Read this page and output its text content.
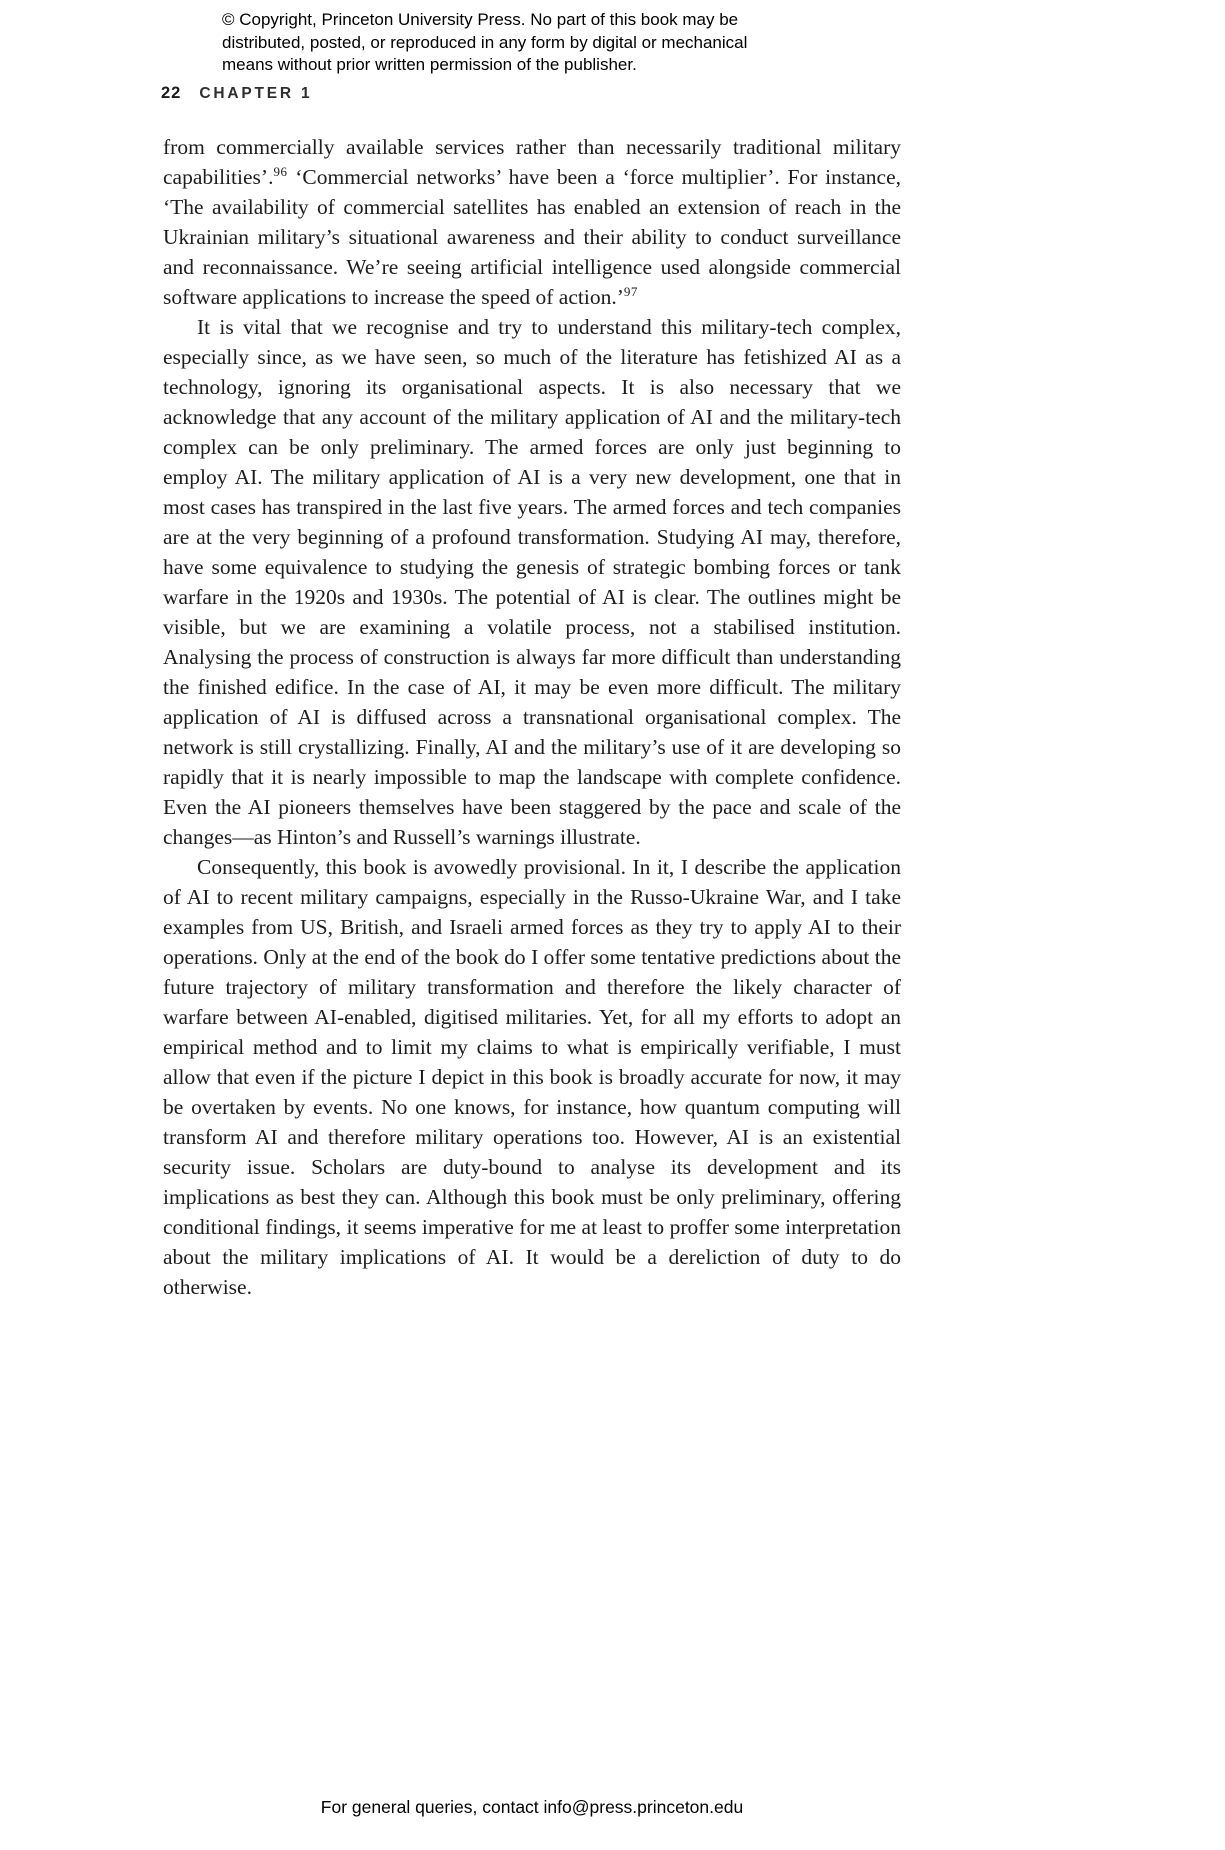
© Copyright, Princeton University Press. No part of this book may be
distributed, posted, or reproduced in any form by digital or mechanical
means without prior written permission of the publisher.
22 CHAPTER 1

from commercially available services rather than necessarily traditional military capabilities’.$^{96}$ ‘Commercial networks’ have been a ‘force multiplier’. For instance, ‘The availability of commercial satellites has enabled an extension of reach in the Ukrainian military’s situational awareness and their ability to conduct surveillance and reconnaissance. We’re seeing artificial intelligence used alongside commercial software applications to increase the speed of action.’$^{97}$

It is vital that we recognise and try to understand this military-tech complex, especially since, as we have seen, so much of the literature has fetishized AI as a technology, ignoring its organisational aspects. It is also necessary that we acknowledge that any account of the military application of AI and the military-tech complex can be only preliminary. The armed forces are only just beginning to employ AI. The military application of AI is a very new development, one that in most cases has transpired in the last five years. The armed forces and tech companies are at the very beginning of a profound transformation. Studying AI may, therefore, have some equivalence to studying the genesis of strategic bombing forces or tank warfare in the 1920s and 1930s. The potential of AI is clear. The outlines might be visible, but we are examining a volatile process, not a stabilised institution. Analysing the process of construction is always far more difficult than understanding the finished edifice. In the case of AI, it may be even more difficult. The military application of AI is diffused across a transnational organisational complex. The network is still crystallizing. Finally, AI and the military’s use of it are developing so rapidly that it is nearly impossible to map the landscape with complete confidence. Even the AI pioneers themselves have been staggered by the pace and scale of the changes—as Hinton’s and Russell’s warnings illustrate.

Consequently, this book is avowedly provisional. In it, I describe the application of AI to recent military campaigns, especially in the Russo-Ukraine War, and I take examples from US, British, and Israeli armed forces as they try to apply AI to their operations. Only at the end of the book do I offer some tentative predictions about the future trajectory of military transformation and therefore the likely character of warfare between AI-enabled, digitised militaries. Yet, for all my efforts to adopt an empirical method and to limit my claims to what is empirically verifiable, I must allow that even if the picture I depict in this book is broadly accurate for now, it may be overtaken by events. No one knows, for instance, how quantum computing will transform AI and therefore military operations too. However, AI is an existential security issue. Scholars are duty-bound to analyse its development and its implications as best they can. Although this book must be only preliminary, offering conditional findings, it seems imperative for me at least to proffer some interpretation about the military implications of AI. It would be a dereliction of duty to do otherwise.

For general queries, contact info@press.princeton.edu
